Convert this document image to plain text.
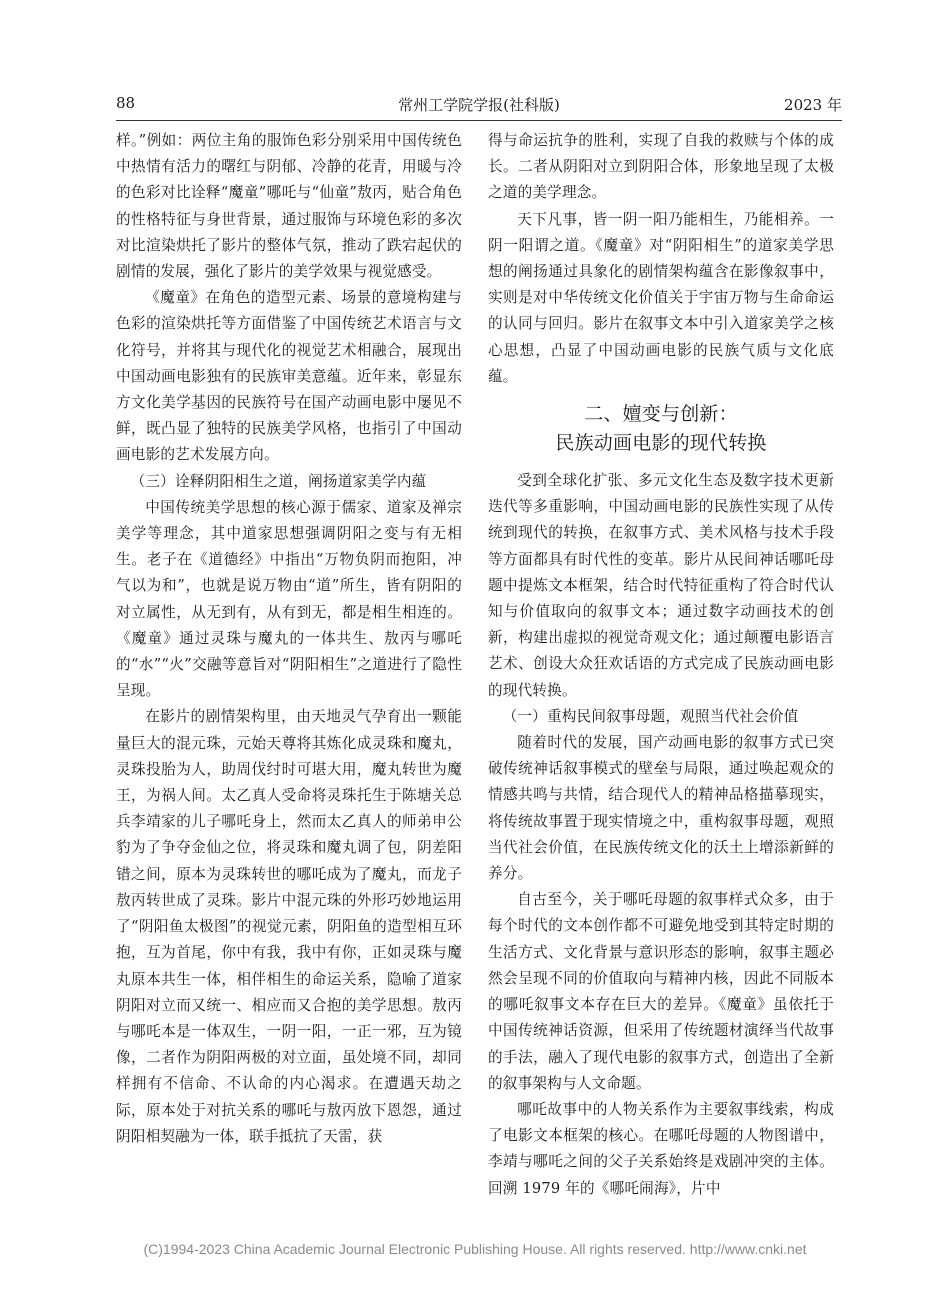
88	常州工学院学报(社科版)	2023 年

样。”例如：两位主角的服饰色彩分别采用中国传统色中热情有活力的曙红与阴郁、冷静的花青，用暖与冷的色彩对比诠释“魔童”哪吒与“仙童”敖丙，贴合角色的性格特征与身世背景，通过服饰与环境色彩的多次对比渲染烘托了影片的整体气氛，推动了跌宕起伏的剧情的发展，强化了影片的美学效果与视觉感受。

《魔童》在角色的造型元素、场景的意境构建与色彩的渲染烘托等方面借鉴了中国传统艺术语言与文化符号，并将其与现代化的视觉艺术相融合，展现出中国动画电影独有的民族审美意蕴。近年来，彰显东方文化美学基因的民族符号在国产动画电影中屡见不鲜，既凸显了独特的民族美学风格，也指引了中国动画电影的艺术发展方向。

（三）诠释阴阳相生之道，阐扬道家美学内蕴

中国传统美学思想的核心源于儒家、道家及禅宗美学等理念，其中道家思想强调阴阳之变与有无相生。老子在《道德经》中指出“万物负阴而抱阳，冲气以为和”，也就是说万物由“道”所生，皆有阴阳的对立属性，从无到有，从有到无，都是相生相连的。《魔童》通过灵珠与魔丸的一体共生、敖丙与哪吒的“水”“火”交融等意旨对“阴阳相生”之道进行了隐性呈现。

在影片的剧情架构里，由天地灵气孕育出一颗能量巨大的混元珠，元始天尊将其炼化成灵珠和魔丸，灵珠投胎为人，助周伐纣时可堪大用，魔丸转世为魔王，为祸人间。太乙真人受命将灵珠托生于陈塘关总兵李靖家的儿子哪吒身上，然而太乙真人的师弟申公豹为了争夺金仙之位，将灵珠和魔丸调了包，阴差阳错之间，原本为灵珠转世的哪吒成为了魔丸，而龙子敖丙转世成了灵珠。影片中混元珠的外形巧妙地运用了“阴阳鱼太极图”的视觉元素，阴阳鱼的造型相互环抱，互为首尾，你中有我，我中有你，正如灵珠与魔丸原本共生一体，相伴相生的命运关系，隐喻了道家阴阳对立而又统一、相应而又合抱的美学思想。敖丙与哪吒本是一体双生，一阴一阳，一正一邪，互为镜像，二者作为阴阳两极的对立面，虽处境不同，却同样拥有不信命、不认命的内心渴求。在遭遇天劫之际，原本处于对抗关系的哪吒与敖丙放下恩怨，通过阴阳相契融为一体，联手抵抗了天雷，获

得与命运抗争的胜利，实现了自我的救赎与个体的成长。二者从阴阳对立到阴阳合体，形象地呈现了太极之道的美学理念。

天下凡事，皆一阴一阳乃能相生，乃能相养。一阴一阳谓之道。《魔童》对“阴阳相生”的道家美学思想的阐扬通过具象化的剧情架构蕴含在影像叙事中，实则是对中华传统文化价值关于宇宙万物与生命命运的认同与回归。影片在叙事文本中引入道家美学之核心思想，凸显了中国动画电影的民族气质与文化底蕴。

二、嬗变与创新：
民族动画电影的现代转换

受到全球化扩张、多元文化生态及数字技术更新迭代等多重影响，中国动画电影的民族性实现了从传统到现代的转换，在叙事方式、美术风格与技术手段等方面都具有时代性的变革。影片从民间神话哪吒母题中提炼文本框架，结合时代特征重构了符合时代认知与价值取向的叙事文本；通过数字动画技术的创新，构建出虚拟的视觉奇观文化；通过颠覆电影语言艺术、创设大众狂欢话语的方式完成了民族动画电影的现代转换。

（一）重构民间叙事母题，观照当代社会价值

随着时代的发展，国产动画电影的叙事方式已突破传统神话叙事模式的壁垒与局限，通过唤起观众的情感共鸣与共情，结合现代人的精神品格描摹现实，将传统故事置于现实情境之中，重构叙事母题，观照当代社会价值，在民族传统文化的沃土上增添新鲜的养分。

自古至今，关于哪吒母题的叙事样式众多，由于每个时代的文本创作都不可避免地受到其特定时期的生活方式、文化背景与意识形态的影响，叙事主题必然会呈现不同的价值取向与精神内核，因此不同版本的哪吒叙事文本存在巨大的差异。《魔童》虽依托于中国传统神话资源，但采用了传统题材演绎当代故事的手法，融入了现代电影的叙事方式，创造出了全新的叙事架构与人文命题。

哪吒故事中的人物关系作为主要叙事线索，构成了电影文本框架的核心。在哪吒母题的人物图谱中，李靖与哪吒之间的父子关系始终是戏剧冲突的主体。回溯 1979 年的《哪吒闹海》，片中

(C)1994-2023 China Academic Journal Electronic Publishing House. All rights reserved. http://www.cnki.net
